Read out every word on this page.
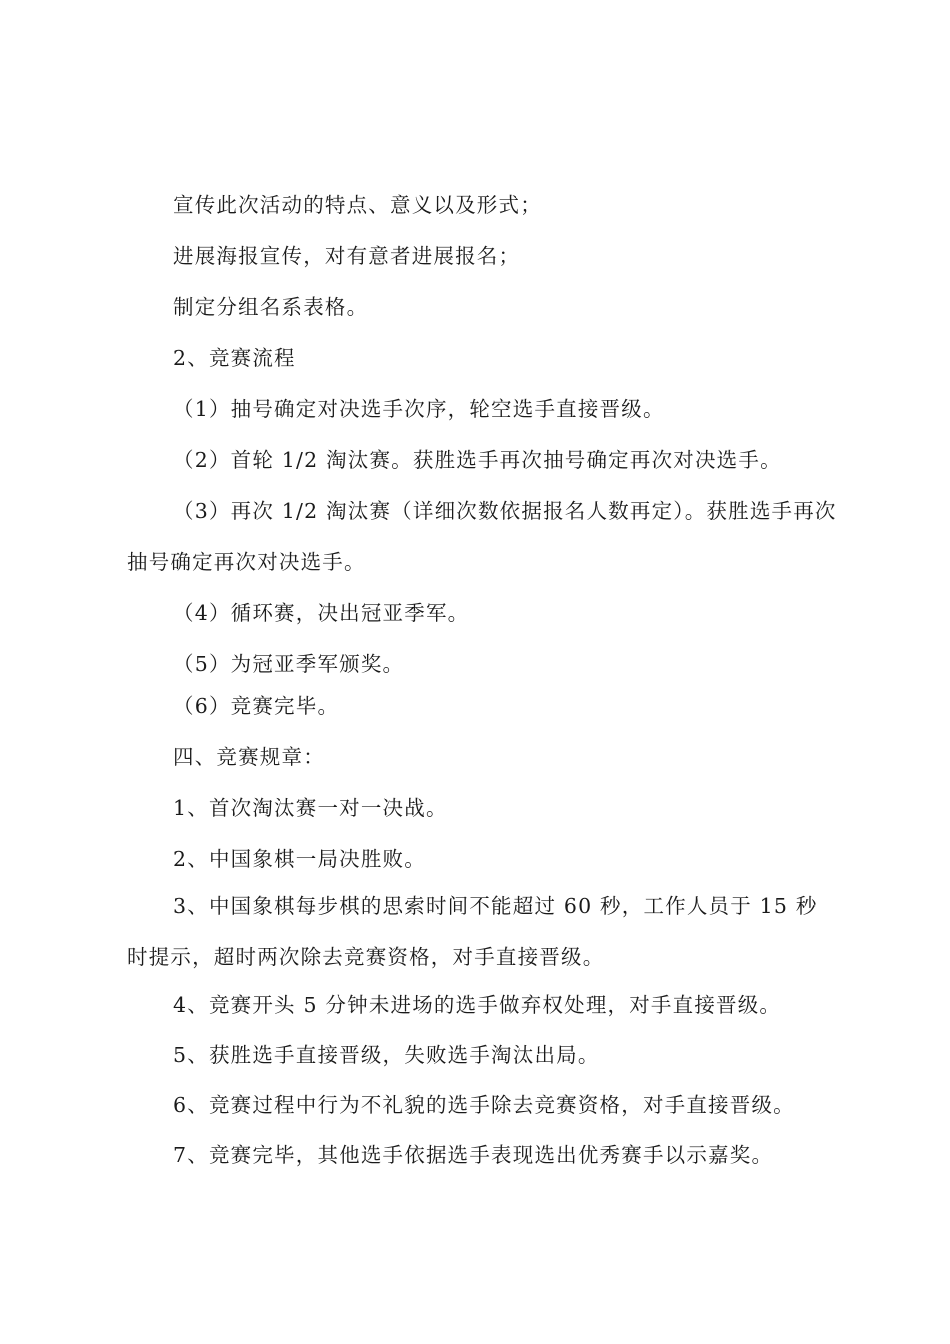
宣传此次活动的特点、意义以及形式；

进展海报宣传，对有意者进展报名；

制定分组名系表格。

2、竞赛流程

（1）抽号确定对决选手次序，轮空选手直接晋级。

（2）首轮 1/2 淘汰赛。获胜选手再次抽号确定再次对决选手。

（3）再次 1/2 淘汰赛（详细次数依据报名人数再定）。获胜选手再次抽号确定再次对决选手。

（4）循环赛，决出冠亚季军。

（5）为冠亚季军颁奖。

（6）竞赛完毕。

四、竞赛规章：

1、首次淘汰赛一对一决战。

2、中国象棋一局决胜败。

3、中国象棋每步棋的思索时间不能超过 60 秒，工作人员于 15 秒时提示，超时两次除去竞赛资格，对手直接晋级。

4、竞赛开头 5 分钟未进场的选手做弃权处理，对手直接晋级。

5、获胜选手直接晋级，失败选手淘汰出局。

6、竞赛过程中行为不礼貌的选手除去竞赛资格，对手直接晋级。

7、竞赛完毕，其他选手依据选手表现选出优秀赛手以示嘉奖。
